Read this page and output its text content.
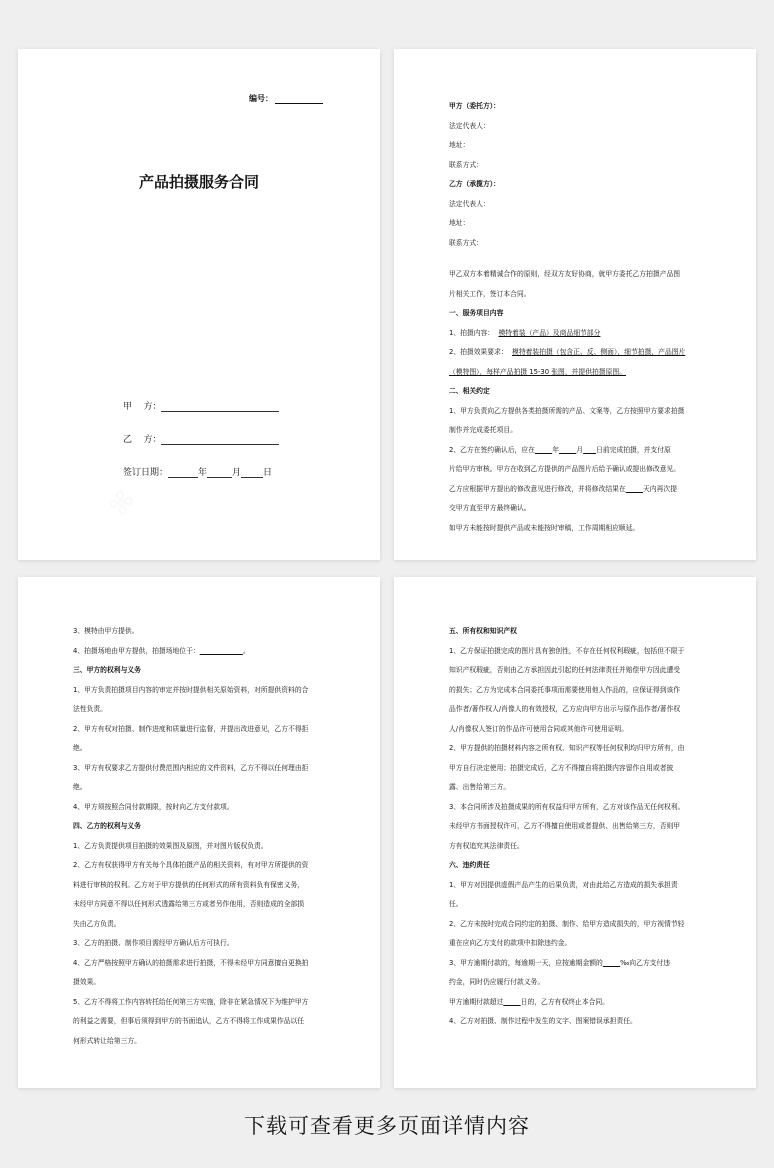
编号：
产品拍摄服务合同
甲    方：
乙    方：
签订日期：	年	月 日

甲方（委托方）：

法定代表人：

地址：

联系方式：

乙方（承揽方）：

法定代表人：

地址：

联系方式：

甲乙双方本着精诚合作的原则，经双方友好协商，就甲方委托乙方拍摄产品图

片相关工作，签订本合同。

一、服务项目内容

1、拍摄内容： 模特着装（产品）及商品细节部分

2、拍摄效果要求： 模特着装拍摄（包含正、反、侧面），细节拍摄，产品图片

（模特图），每样产品拍摄 15-30 张图，并提供拍摄原图。

二、相关约定

1、甲方负责向乙方提供各类拍摄所需的产品、文案等，乙方按照甲方要求拍摄

制作并完成委托项目。

2、乙方在签约确认后，应在	年	月 日前完成拍摄，并支付原

片给甲方审核。甲方在收到乙方提供的产品图片后给予确认或提出修改意见。

乙方应根据甲方提出的修改意见进行修改，并将修改结果在	天内再次提

交甲方直至甲方最终确认。

如甲方未能按时提供产品或未能按时审稿，工作周期相应顺延。

3、模特由甲方提供。

4、拍摄场地由甲方提供，拍摄场地位于：	。

三、甲方的权利与义务

1、甲方负责拍摄项目内容的审定并按时提供相关原始资料，对所提供资料的合

法性负责。

2、甲方有权对拍摄、制作进度和质量进行监督，并提出改进意见，乙方不得拒

绝。

3、甲方有权要求乙方提供付费范围内相应的文件资料，乙方不得以任何理由拒

绝。

4、甲方须按照合同付款期限，按时向乙方支付款项。

四、乙方的权利与义务

1、乙方负责提供项目拍摄的效果图及原图，并对图片版权负责。

2、乙方有权获得甲方有关每个具体拍摄产品的相关资料，有对甲方所提供的资

料进行审核的权利。乙方对于甲方提供的任何形式的所有资料负有保密义务，

未经甲方同意不得以任何形式透露给第三方或者另作他用，否则造成的全部损

失由乙方负责。

3、乙方的拍摄、制作项目需经甲方确认后方可执行。

4、乙方严格按照甲方确认的拍摄需求进行拍摄，不得未经甲方同意擅自更换拍

摄效果。

5、乙方不得将工作内容转托给任何第三方实施，除非在紧急情况下为维护甲方

的利益之需要，但事后须得到甲方的书面追认，乙方不得将工作成果作品以任

何形式转让给第三方。

五、所有权和知识产权

1、乙方保证拍摄完成的图片具有独创性，不存在任何权利瑕疵，包括但不限于

知识产权瑕疵，否则由乙方承担因此引起的任何法律责任并赔偿甲方因此遭受

的损失；乙方为完成本合同委托事项而需要使用他人作品的，应保证得到该作

品作者/著作权人/肖像人的有效授权，乙方应向甲方出示与原作品作者/著作权

人/肖像权人签订的作品许可使用合同或其他许可使用证明。

2、甲方提供的拍摄材料内容之所有权、知识产权等任何权利均归甲方所有，由

甲方自行决定使用；拍摄完成后，乙方不得擅自将拍摄内容留作自用或者披

露、出售给第三方。

3、本合同所涉及拍摄成果的所有权益归甲方所有，乙方对该作品无任何权利。

未经甲方书面授权许可，乙方不得擅自使用或者提供、出售给第三方，否则甲

方有权追究其法律责任。

六、违约责任

1、甲方对因提供虚假产品产生的后果负责，对由此给乙方造成的损失承担责

任。

2、乙方未按时完成合同约定的拍摄、制作、给甲方造成损失的，甲方视情节轻

重在应向乙方支付的款项中扣除违约金。

3、甲方逾期付款的，每逾期一天，应按逾期金额的	‰向乙方支付违

约金，同时仍应履行付款义务。

甲方逾期付款超过	日的，乙方有权终止本合同。

4、乙方对拍摄、制作过程中发生的文字、图案错误承担责任。

下载可查看更多页面详情内容
